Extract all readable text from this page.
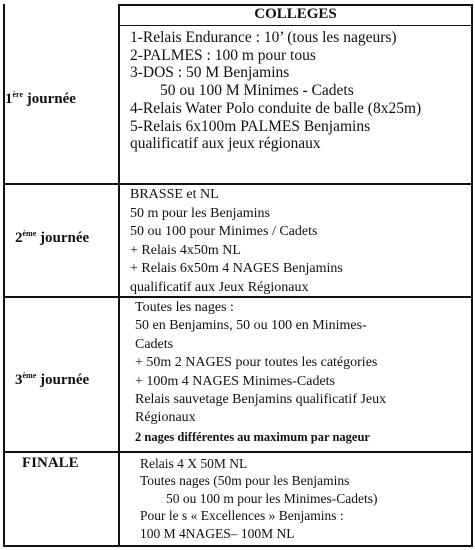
COLLEGES
1ère journée
1-Relais Endurance : 10’ (tous les nageurs)
2-PALMES : 100 m pour tous
3-DOS : 50 M Benjamins
50 ou 100 M Minimes - Cadets
4-Relais Water Polo conduite de balle (8x25m)
5-Relais 6x100m PALMES Benjamins
qualificatif aux jeux régionaux
2ème journée
BRASSE et NL
50 m pour les Benjamins
50 ou 100 pour Minimes / Cadets
+ Relais 4x50m NL
+ Relais 6x50m 4 NAGES Benjamins
qualificatif aux Jeux Régionaux
3ème journée
Toutes les nages :
50 en Benjamins, 50 ou 100 en Minimes-
Cadets
+ 50m 2 NAGES pour toutes les catégories
+ 100m 4 NAGES Minimes-Cadets
Relais sauvetage Benjamins qualificatif Jeux
Régionaux
2 nages différentes au maximum par nageur
FINALE	Relais 4 X 50M NL
Toutes nages (50m pour les Benjamins
50 ou 100 m pour les Minimes-Cadets)
Pour le s « Excellences » Benjamins :
100 M 4NAGES– 100M NL
